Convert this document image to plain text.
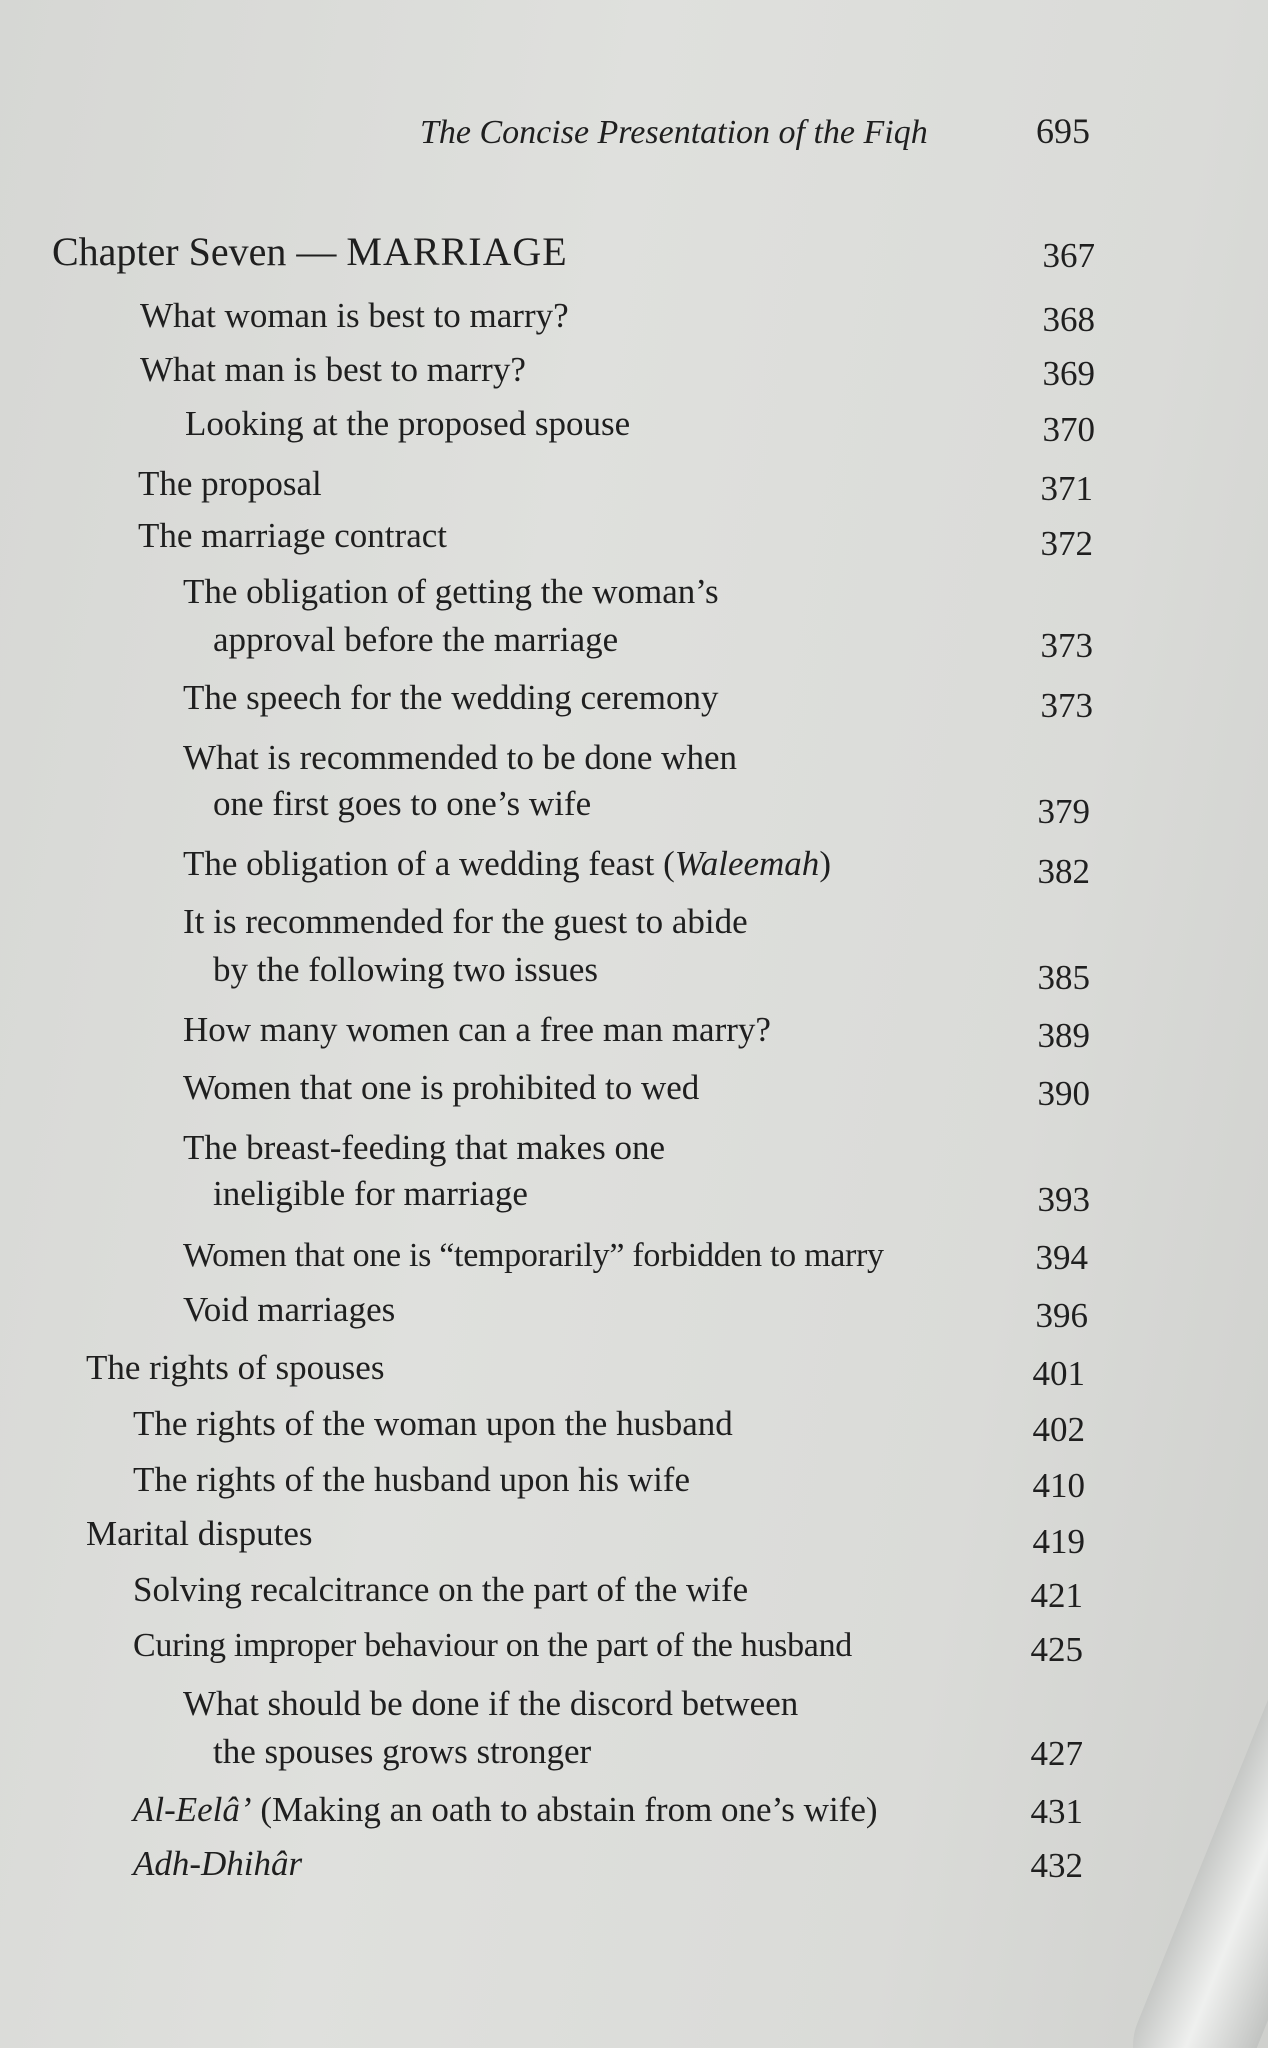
The Concise Presentation of the Fiqh	695
Chapter Seven — MARRIAGE	367
What woman is best to marry?	368
What man is best to marry?	369
Looking at the proposed spouse	370
The proposal	371
The marriage contract	372
The obligation of getting the woman’s
approval before the marriage	373
The speech for the wedding ceremony	373
What is recommended to be done when
one first goes to one’s wife	379
The obligation of a wedding feast (Waleemah)	382
It is recommended for the guest to abide
by the following two issues	385
How many women can a free man marry?	389
Women that one is prohibited to wed	390
The breast-feeding that makes one
ineligible for marriage	393
Women that one is “temporarily” forbidden to marry	394
Void marriages	396
The rights of spouses	401
The rights of the woman upon the husband	402
The rights of the husband upon his wife	410
Marital disputes	419
Solving recalcitrance on the part of the wife	421
Curing improper behaviour on the part of the husband	425
What should be done if the discord between
the spouses grows stronger	427
Al-Eelâ’ (Making an oath to abstain from one’s wife)	431
Adh-Dhihâr	432
